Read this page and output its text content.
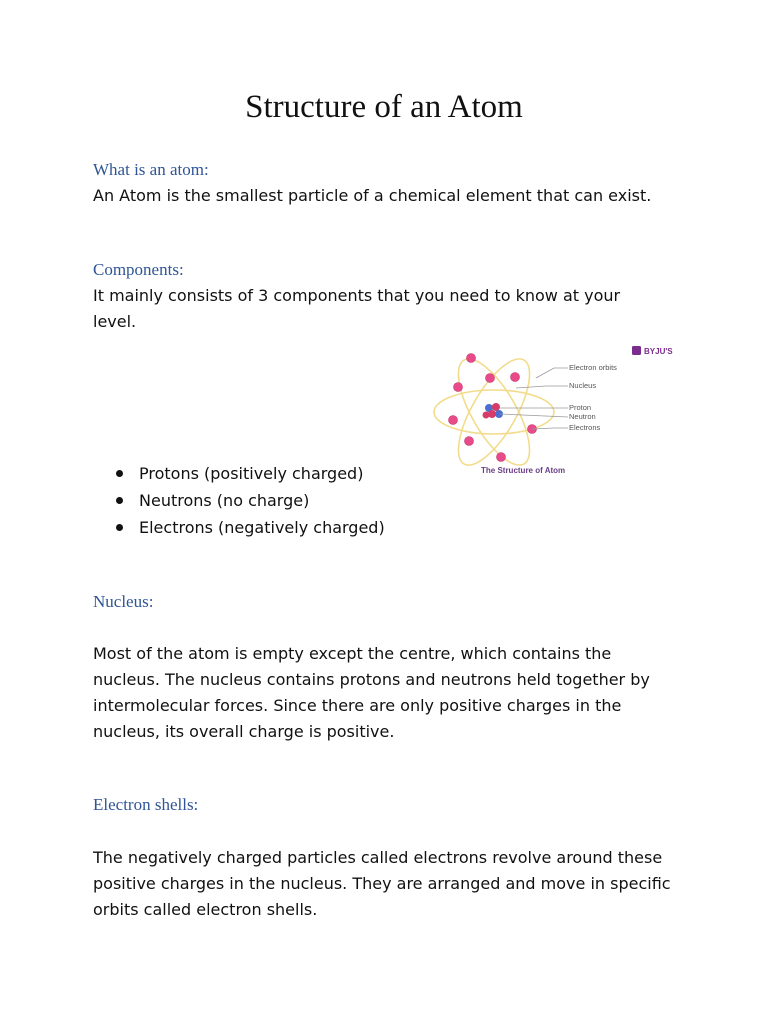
Structure of an Atom
What is an atom:

An Atom is the smallest particle of a chemical element that can exist.

Components:

It mainly consists of 3 components that you need to know at your level.

Electron orbits
Nucleus
Proton
Neutron
Electrons
BYJU'S
The Structure of Atom
Protons (positively charged)
Neutrons (no charge)
Electrons (negatively charged)
Nucleus:

Most of the atom is empty except the centre, which contains the nucleus. The nucleus contains protons and neutrons held together by intermolecular forces. Since there are only positive charges in the nucleus, its overall charge is positive.

Electron shells:

The negatively charged particles called electrons revolve around these positive charges in the nucleus. They are arranged and move in specific orbits called electron shells.
